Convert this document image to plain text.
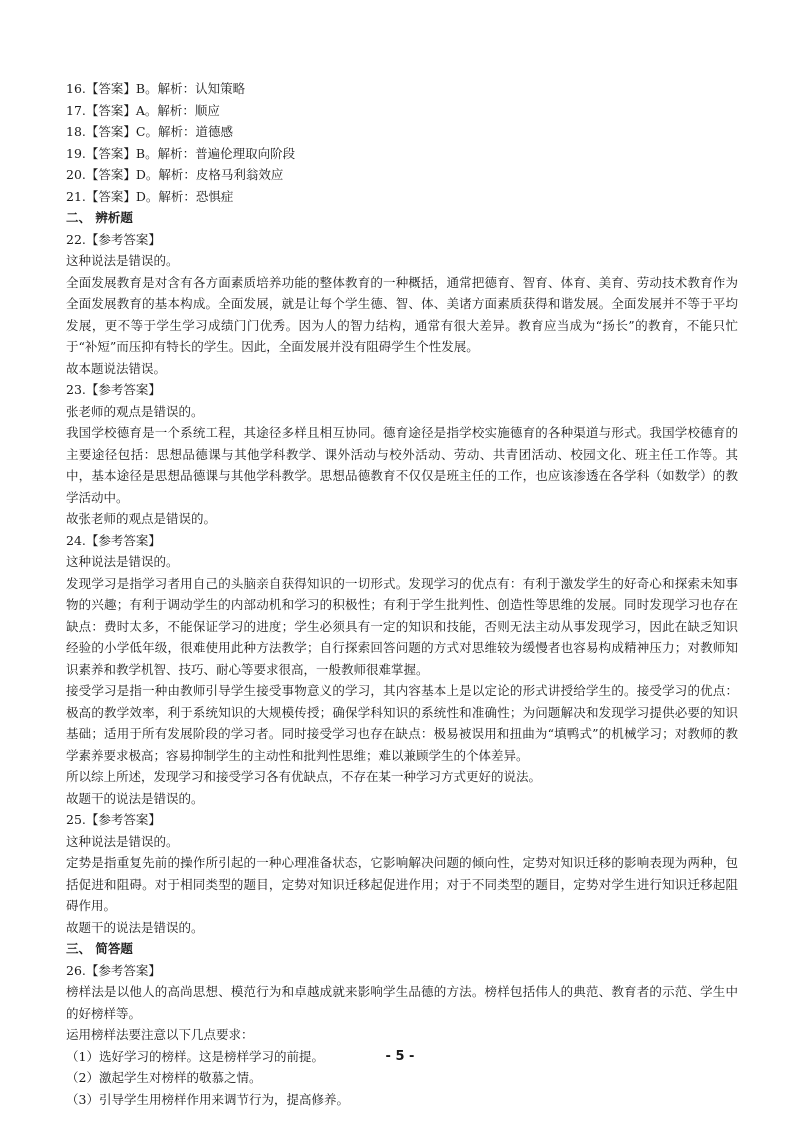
16.【答案】B。解析：认知策略
17.【答案】A。解析：顺应
18.【答案】C。解析：道德感
19.【答案】B。解析：普遍伦理取向阶段
20.【答案】D。解析：皮格马利翁效应
21.【答案】D。解析：恐惧症
二、 辨析题
22.【参考答案】
这种说法是错误的。
全面发展教育是对含有各方面素质培养功能的整体教育的一种概括，通常把德育、智育、体育、美育、劳动技术教育作为全面发展教育的基本构成。全面发展，就是让每个学生德、智、体、美诸方面素质获得和谐发展。全面发展并不等于平均发展，更不等于学生学习成绩门门优秀。因为人的智力结构，通常有很大差异。教育应当成为“扬长”的教育，不能只忙于“补短”而压抑有特长的学生。因此，全面发展并没有阻碍学生个性发展。
故本题说法错误。
23.【参考答案】
张老师的观点是错误的。
我国学校德育是一个系统工程，其途径多样且相互协同。德育途径是指学校实施德育的各种渠道与形式。我国学校德育的主要途径包括：思想品德课与其他学科教学、课外活动与校外活动、劳动、共青团活动、校园文化、班主任工作等。其中，基本途径是思想品德课与其他学科教学。思想品德教育不仅仅是班主任的工作，也应该渗透在各学科（如数学）的教学活动中。
故张老师的观点是错误的。
24.【参考答案】
这种说法是错误的。
发现学习是指学习者用自己的头脑亲自获得知识的一切形式。发现学习的优点有：有利于激发学生的好奇心和探索未知事物的兴趣；有利于调动学生的内部动机和学习的积极性；有利于学生批判性、创造性等思维的发展。同时发现学习也存在缺点：费时太多，不能保证学习的进度；学生必须具有一定的知识和技能，否则无法主动从事发现学习，因此在缺乏知识经验的小学低年级，很难使用此种方法教学；自行探索回答问题的方式对思维较为缓慢者也容易构成精神压力；对教师知识素养和教学机智、技巧、耐心等要求很高，一般教师很难掌握。
接受学习是指一种由教师引导学生接受事物意义的学习，其内容基本上是以定论的形式讲授给学生的。接受学习的优点：极高的教学效率，利于系统知识的大规模传授；确保学科知识的系统性和准确性；为问题解决和发现学习提供必要的知识基础；适用于所有发展阶段的学习者。同时接受学习也存在缺点：极易被误用和扭曲为“填鸭式”的机械学习；对教师的教学素养要求极高；容易抑制学生的主动性和批判性思维；难以兼顾学生的个体差异。
所以综上所述，发现学习和接受学习各有优缺点，不存在某一种学习方式更好的说法。
故题干的说法是错误的。
25.【参考答案】
这种说法是错误的。
定势是指重复先前的操作所引起的一种心理准备状态，它影响解决问题的倾向性，定势对知识迁移的影响表现为两种，包括促进和阻碍。对于相同类型的题目，定势对知识迁移起促进作用；对于不同类型的题目，定势对学生进行知识迁移起阻碍作用。
故题干的说法是错误的。
三、 简答题
26.【参考答案】
榜样法是以他人的高尚思想、模范行为和卓越成就来影响学生品德的方法。榜样包括伟人的典范、教育者的示范、学生中的好榜样等。
运用榜样法要注意以下几点要求：
（1）选好学习的榜样。这是榜样学习的前提。
（2）激起学生对榜样的敬慕之情。
（3）引导学生用榜样作用来调节行为，提高修养。
- 5 -
